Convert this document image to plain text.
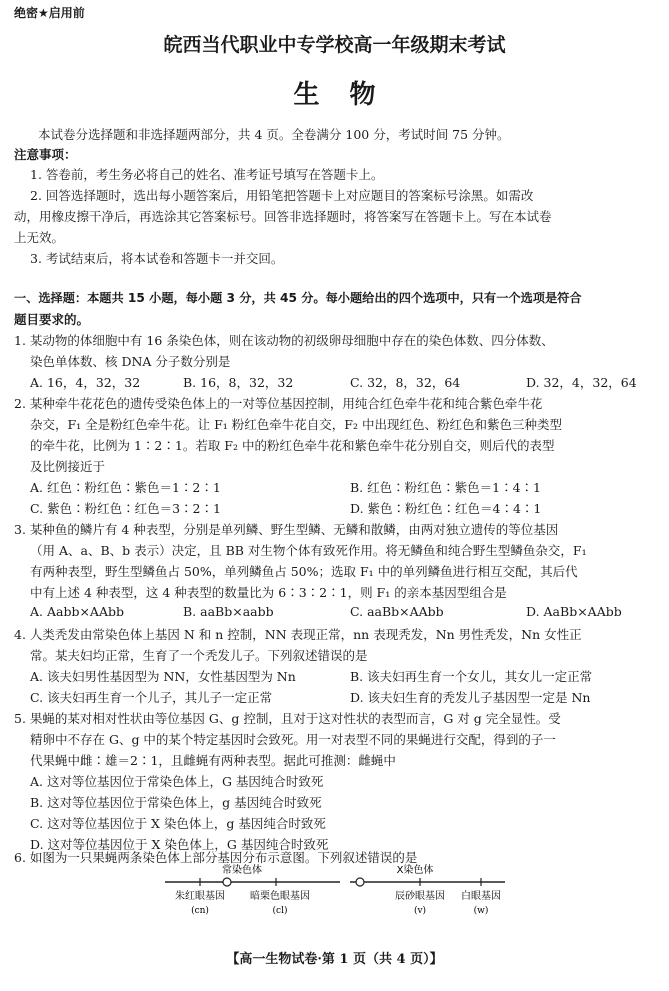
绝密★启用前
皖西当代职业中专学校高一年级期末考试
生物
本试卷分选择题和非选择题两部分，共 4 页。全卷满分 100 分，考试时间 75 分钟。
注意事项：
1. 答卷前，考生务必将自己的姓名、准考证号填写在答题卡上。
2. 回答选择题时，选出每小题答案后，用铅笔把答题卡上对应题目的答案标号涂黑。如需改
动，用橡皮擦干净后，再选涂其它答案标号。回答非选择题时，将答案写在答题卡上。写在本试卷
上无效。
3. 考试结束后，将本试卷和答题卡一并交回。
一、选择题：本题共 15 小题，每小题 3 分，共 45 分。每小题给出的四个选项中，只有一个选项是符合
题目要求的。
1. 某动物的体细胞中有 16 条染色体，则在该动物的初级卵母细胞中存在的染色体数、四分体数、
染色单体数、核 DNA 分子数分别是
A. 16，4，32，32	B. 16，8，32，32	C. 32，8，32，64	D. 32，4，32，64
2. 某种牵牛花花色的遗传受染色体上的一对等位基因控制，用纯合红色牵牛花和纯合紫色牵牛花
杂交，F₁ 全是粉红色牵牛花。让 F₁ 粉红色牵牛花自交，F₂ 中出现红色、粉红色和紫色三种类型
的牵牛花，比例为 1∶2∶1。若取 F₂ 中的粉红色牵牛花和紫色牵牛花分别自交，则后代的表型
及比例接近于
A. 红色∶粉红色∶紫色＝1∶2∶1	B. 红色∶粉红色∶紫色＝1∶4∶1
C. 紫色∶粉红色∶红色＝3∶2∶1	D. 紫色∶粉红色∶红色＝4∶4∶1
3. 某种鱼的鳞片有 4 种表型，分别是单列鳞、野生型鳞、无鳞和散鳞，由两对独立遗传的等位基因
（用 A、a、B、b 表示）决定，且 BB 对生物个体有致死作用。将无鳞鱼和纯合野生型鳞鱼杂交，F₁
有两种表型，野生型鳞鱼占 50%，单列鳞鱼占 50%；选取 F₁ 中的单列鳞鱼进行相互交配，其后代
中有上述 4 种表型，这 4 种表型的数量比为 6∶3∶2∶1，则 F₁ 的亲本基因型组合是
A. Aabb×AAbb	B. aaBb×aabb	C. aaBb×AAbb	D. AaBb×AAbb
4. 人类秃发由常染色体上基因 N 和 n 控制，NN 表现正常，nn 表现秃发，Nn 男性秃发，Nn 女性正
常。某夫妇均正常，生育了一个秃发儿子。下列叙述错误的是
A. 该夫妇男性基因型为 NN，女性基因型为 Nn	B. 该夫妇再生育一个女儿，其女儿一定正常
C. 该夫妇再生育一个儿子，其儿子一定正常	D. 该夫妇生育的秃发儿子基因型一定是 Nn
5. 果蝇的某对相对性状由等位基因 G、g 控制，且对于这对性状的表型而言，G 对 g 完全显性。受
精卵中不存在 G、g 中的某个特定基因时会致死。用一对表型不同的果蝇进行交配，得到的子一
代果蝇中雌∶雄＝2∶1，且雌蝇有两种表型。据此可推测：雌蝇中
A. 这对等位基因位于常染色体上，G 基因纯合时致死
B. 这对等位基因位于常染色体上，g 基因纯合时致死
C. 这对等位基因位于 X 染色体上，g 基因纯合时致死
D. 这对等位基因位于 X 染色体上，G 基因纯合时致死
6. 如图为一只果蝇两条染色体上部分基因分布示意图。下列叙述错误的是
常染色体	X染色体
朱红眼基因
(cn)
暗栗色眼基因
(cl)
辰砂眼基因
(v)
白眼基因
(w)
【高一生物试卷·第 1 页（共 4 页）】
